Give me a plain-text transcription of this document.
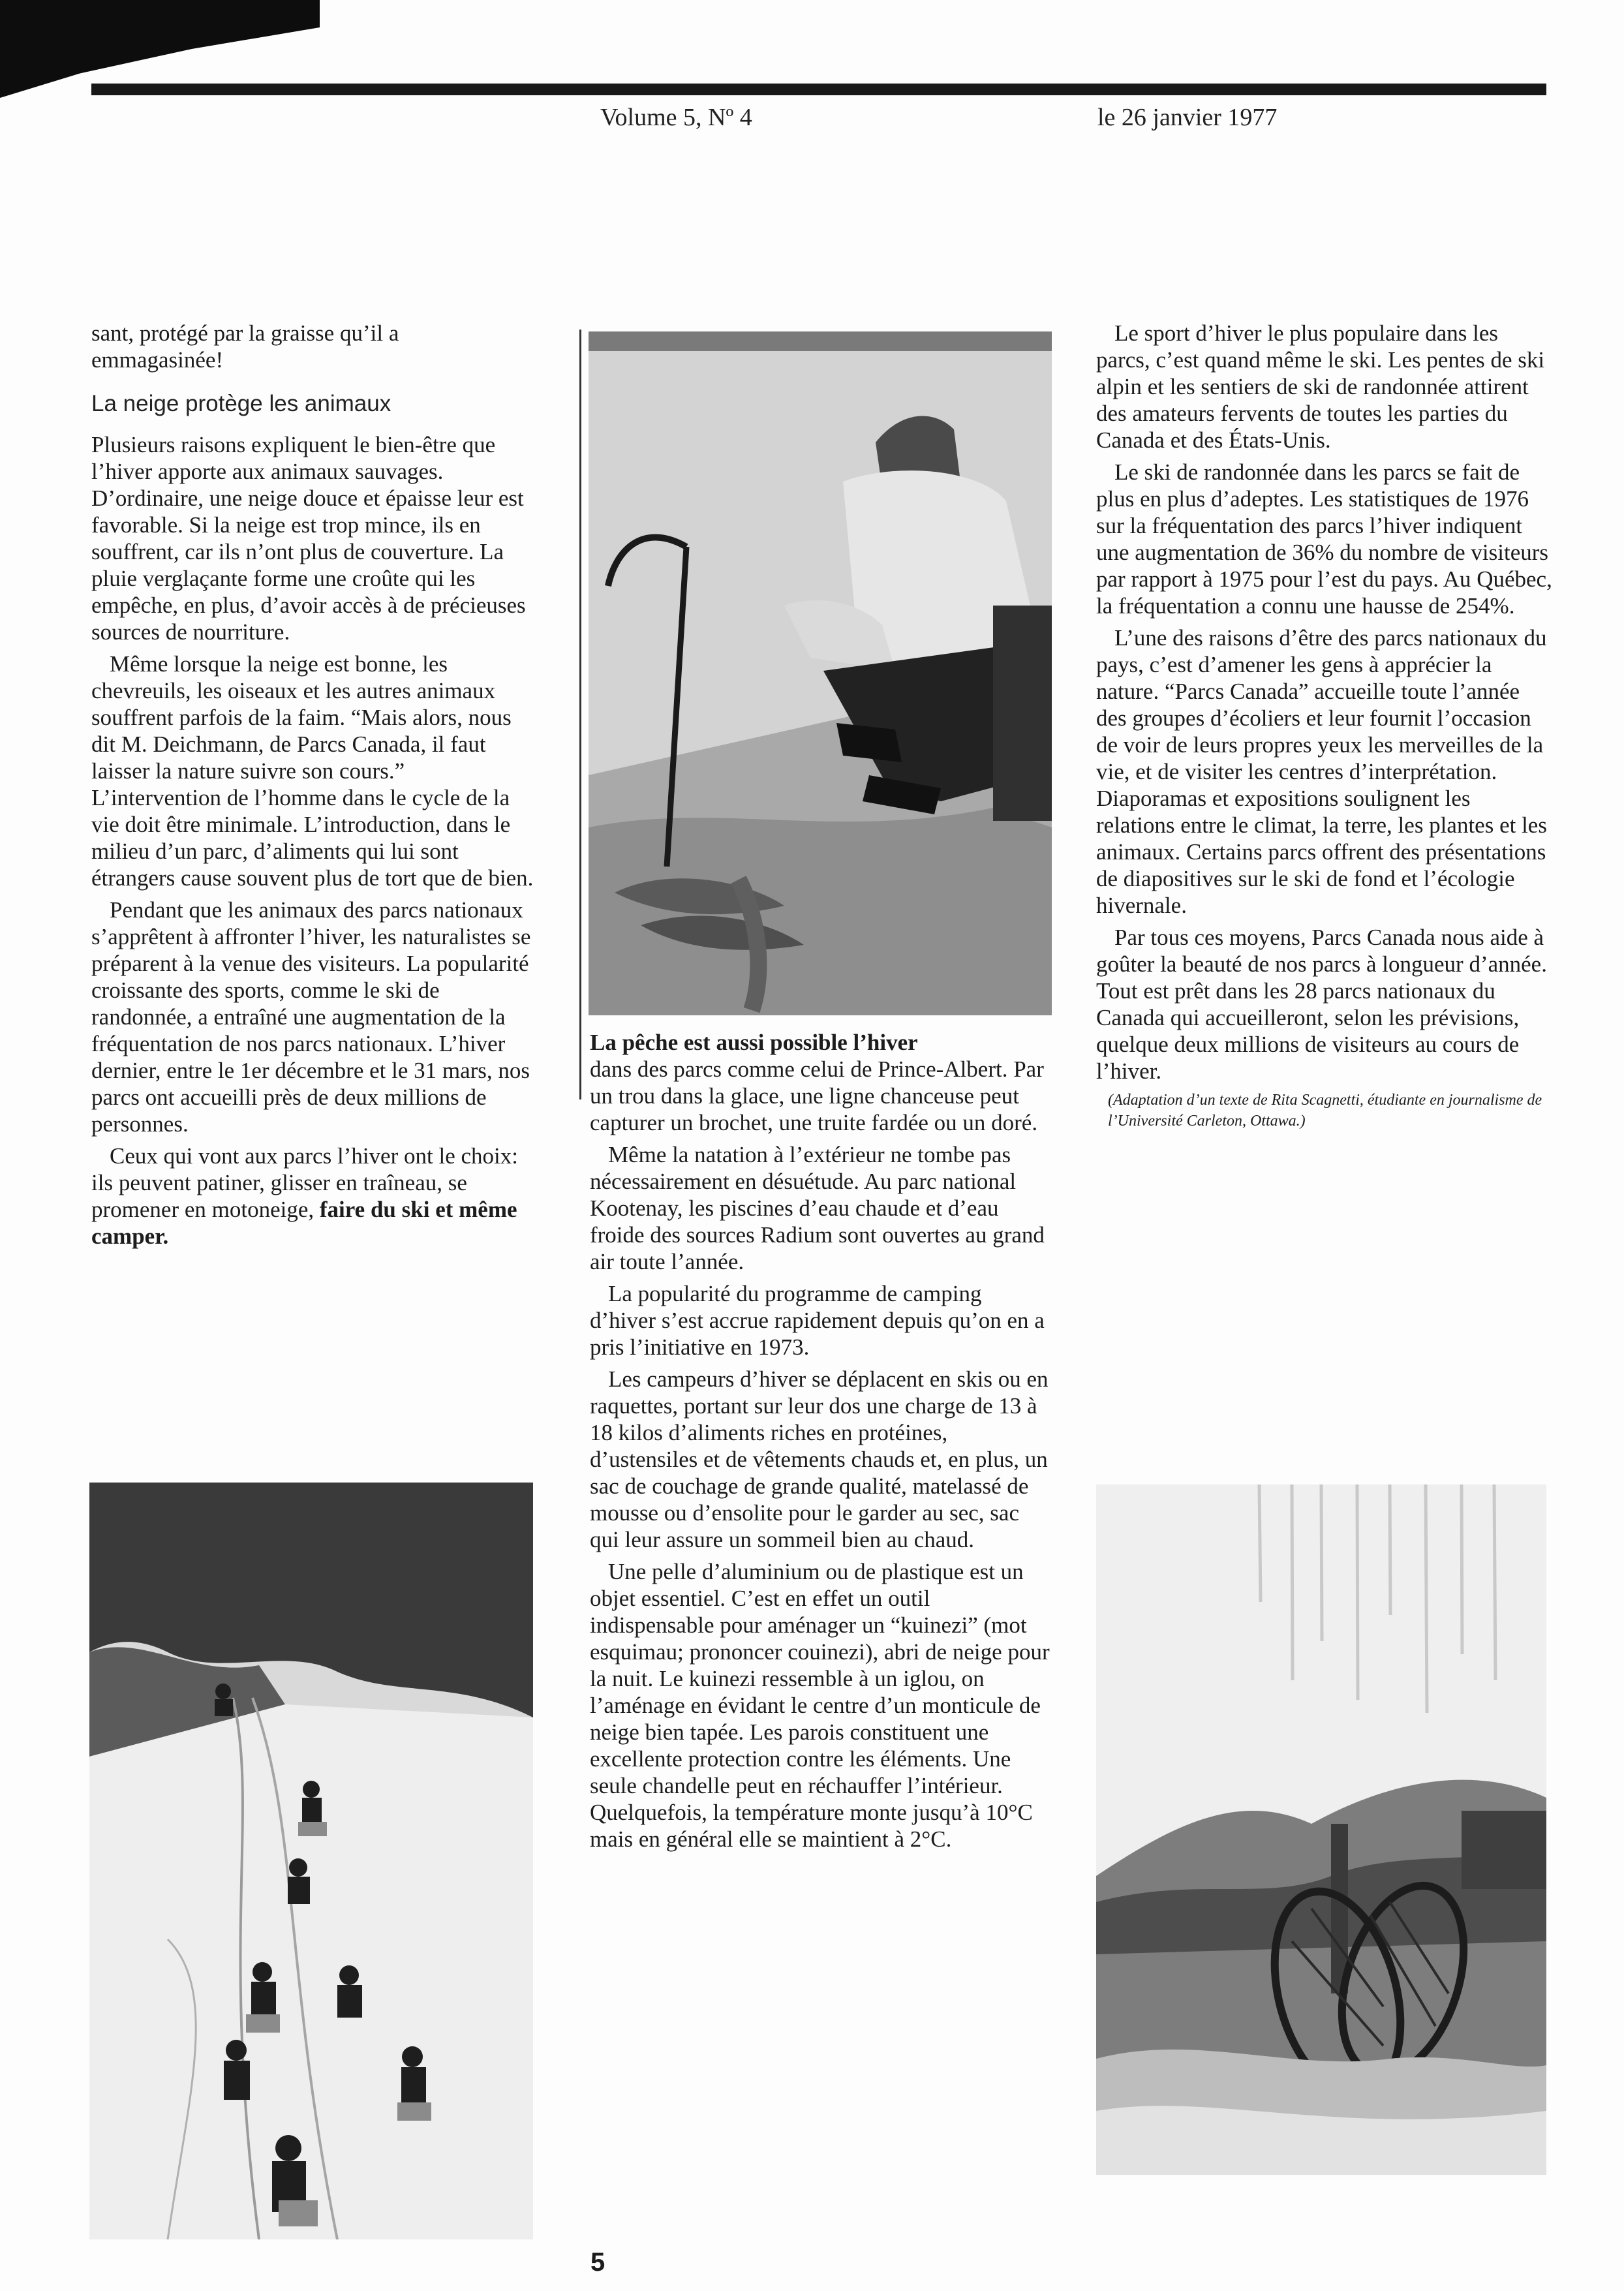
Volume 5, Nº 4	le 26 janvier 1977

sant, protégé par la graisse qu’il a emmagasinée!

La neige protège les animaux

Plusieurs raisons expliquent le bien-être que l’hiver apporte aux animaux sauvages. D’ordinaire, une neige douce et épaisse leur est favorable. Si la neige est trop mince, ils en souffrent, car ils n’ont plus de couverture. La pluie verglaçante forme une croûte qui les empêche, en plus, d’avoir accès à de précieuses sources de nourriture.

Même lorsque la neige est bonne, les chevreuils, les oiseaux et les autres animaux souffrent parfois de la faim. “Mais alors, nous dit M. Deichmann, de Parcs Canada, il faut laisser la nature suivre son cours.” L’intervention de l’homme dans le cycle de la vie doit être minimale. L’introduction, dans le milieu d’un parc, d’aliments qui lui sont étrangers cause souvent plus de tort que de bien.

Pendant que les animaux des parcs nationaux s’apprêtent à affronter l’hiver, les naturalistes se préparent à la venue des visiteurs. La popularité croissante des sports, comme le ski de randonnée, a entraîné une augmentation de la fréquentation de nos parcs nationaux. L’hiver dernier, entre le 1er décembre et le 31 mars, nos parcs ont accueilli près de deux millions de personnes.

Ceux qui vont aux parcs l’hiver ont le choix: ils peuvent patiner, glisser en traîneau, se promener en motoneige, faire du ski et même camper.

La pêche est aussi possible l’hiver
dans des parcs comme celui de Prince-Albert. Par un trou dans la glace, une ligne chanceuse peut capturer un brochet, une truite fardée ou un doré.

Même la natation à l’extérieur ne tombe pas nécessairement en désuétude. Au parc national Kootenay, les piscines d’eau chaude et d’eau froide des sources Radium sont ouvertes au grand air toute l’année.

La popularité du programme de camping d’hiver s’est accrue rapidement depuis qu’on en a pris l’initiative en 1973.

Les campeurs d’hiver se déplacent en skis ou en raquettes, portant sur leur dos une charge de 13 à 18 kilos d’aliments riches en protéines, d’ustensiles et de vêtements chauds et, en plus, un sac de couchage de grande qualité, matelassé de mousse ou d’ensolite pour le garder au sec, sac qui leur assure un sommeil bien au chaud.

Une pelle d’aluminium ou de plastique est un objet essentiel. C’est en effet un outil indispensable pour aménager un “kuinezi” (mot esquimau; prononcer couinezi), abri de neige pour la nuit. Le kuinezi ressemble à un iglou, on l’aménage en évidant le centre d’un monticule de neige bien tapée. Les parois constituent une excellente protection contre les éléments. Une seule chandelle peut en réchauffer l’intérieur. Quelquefois, la température monte jusqu’à 10°C mais en général elle se maintient à 2°C.

Le sport d’hiver le plus populaire dans les parcs, c’est quand même le ski. Les pentes de ski alpin et les sentiers de ski de randonnée attirent des amateurs fervents de toutes les parties du Canada et des États-Unis.

Le ski de randonnée dans les parcs se fait de plus en plus d’adeptes. Les statistiques de 1976 sur la fréquentation des parcs l’hiver indiquent une augmentation de 36% du nombre de visiteurs par rapport à 1975 pour l’est du pays. Au Québec, la fréquentation a connu une hausse de 254%.

L’une des raisons d’être des parcs nationaux du pays, c’est d’amener les gens à apprécier la nature. “Parcs Canada” accueille toute l’année des groupes d’écoliers et leur fournit l’occasion de voir de leurs propres yeux les merveilles de la vie, et de visiter les centres d’interprétation. Diaporamas et expositions soulignent les relations entre le climat, la terre, les plantes et les animaux. Certains parcs offrent des présentations de diapositives sur le ski de fond et l’écologie hivernale.

Par tous ces moyens, Parcs Canada nous aide à goûter la beauté de nos parcs à longueur d’année. Tout est prêt dans les 28 parcs nationaux du Canada qui accueilleront, selon les prévisions, quelque deux millions de visiteurs au cours de l’hiver.

(Adaptation d’un texte de Rita Scagnetti, étudiante en journalisme de l’Université Carleton, Ottawa.)

5
